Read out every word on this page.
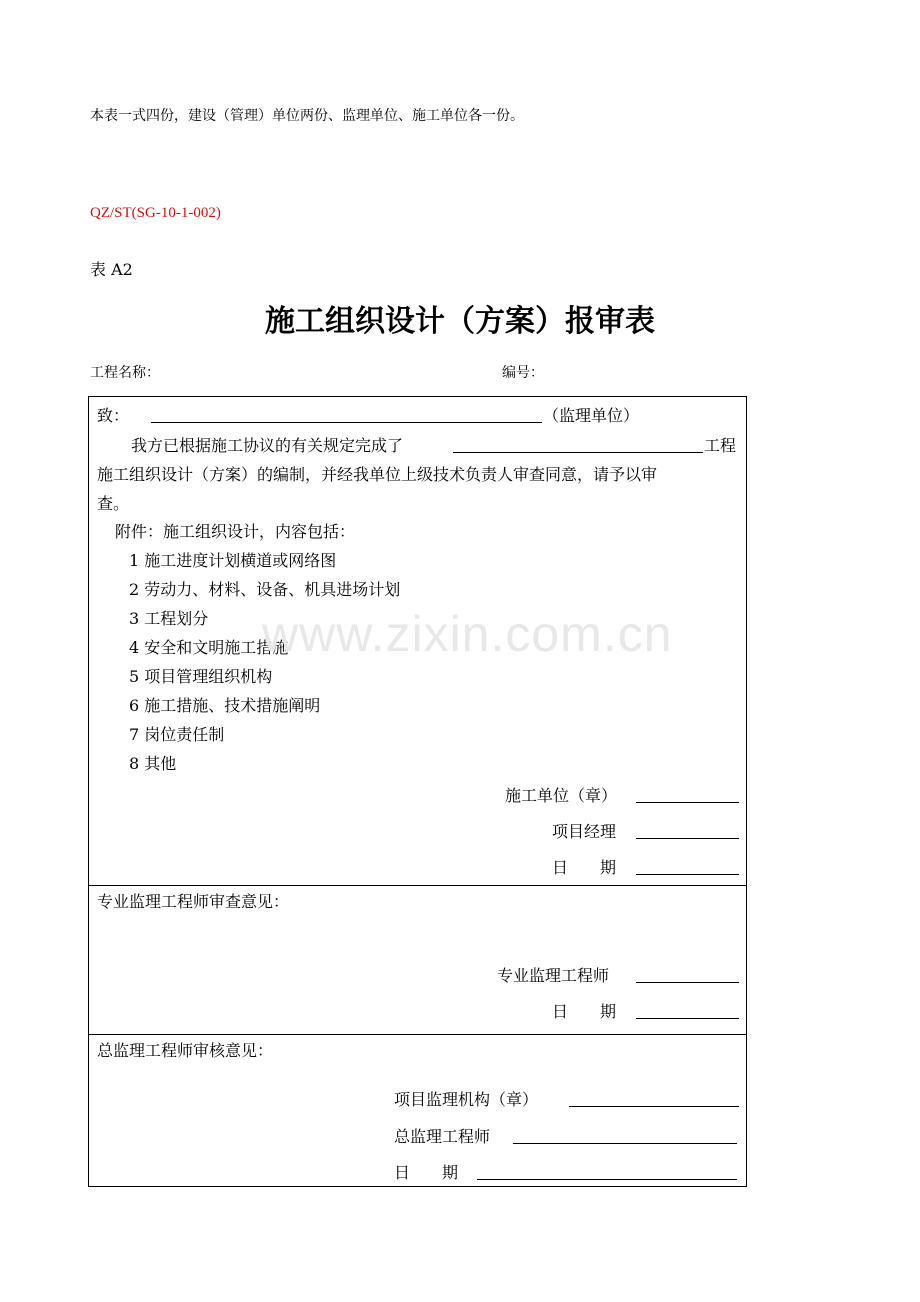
本表一式四份，建设（管理）单位两份、监理单位、施工单位各一份。
QZ/ST(SG-10-1-002)
表 A2
施工组织设计（方案）报审表
工程名称：	编号：
致：	（监理单位）
我方已根据施工协议的有关规定完成了	工程
施工组织设计（方案）的编制，并经我单位上级技术负责人审查同意，请予以审
查。
附件：施工组织设计，内容包括：
1 施工进度计划横道或网络图
2 劳动力、材料、设备、机具进场计划
3 工程划分
4 安全和文明施工措施
5 项目管理组织机构
6 施工措施、技术措施阐明
7 岗位责任制
8 其他
施工单位（章）
项目经理
日　　期
专业监理工程师审查意见：
专业监理工程师
日　　期
总监理工程师审核意见：
项目监理机构（章）
总监理工程师
日　　期
www.zixin.com.cn
